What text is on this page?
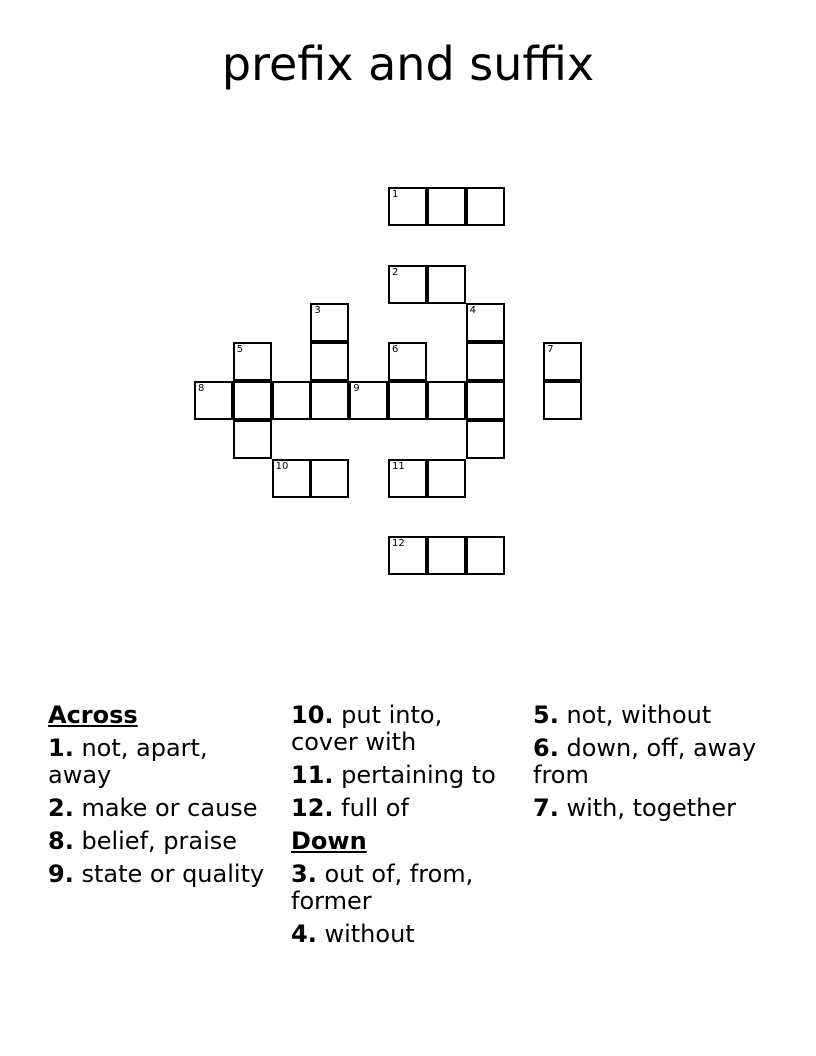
prefix and suffix
1
2
3	4
5	6	7
8	9
10	11
12
Across
1. not, apart, away
2. make or cause
8. belief, praise
9. state or quality
10. put into, cover with
11. pertaining to
12. full of
Down
3. out of, from, former
4. without
5. not, without
6. down, off, away from
7. with, together
